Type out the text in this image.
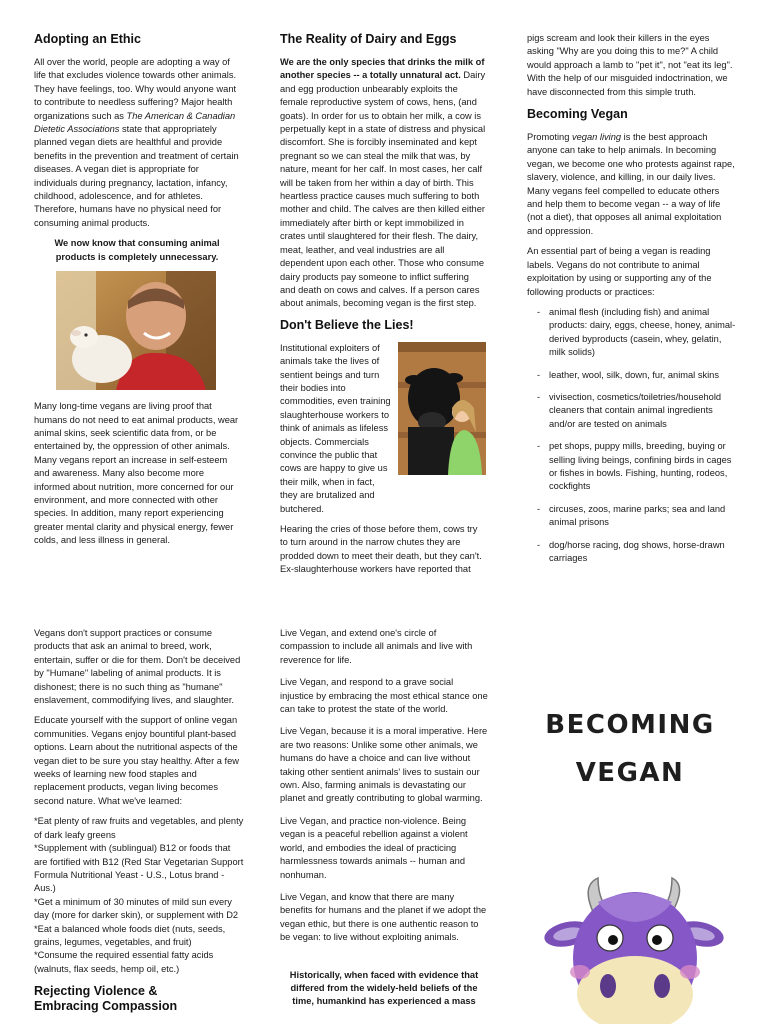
Adopting an Ethic

All over the world, people are adopting a way of life that excludes violence towards other animals. They have feelings, too. Why would anyone want to contribute to needless suffering? Major health organizations such as The American & Canadian Dietetic Associations state that appropriately planned vegan diets are healthful and provide benefits in the prevention and treatment of certain diseases. A vegan diet is appropriate for individuals during pregnancy, lactation, infancy, childhood, adolescence, and for athletes. Therefore, humans have no physical need for consuming animal products.

We now know that consuming animal products is completely unnecessary.

Many long-time vegans are living proof that humans do not need to eat animal products, wear animal skins, seek scientific data from, or be entertained by, the oppression of other animals. Many vegans report an increase in self-esteem and awareness. Many also become more informed about nutrition, more concerned for our environment, and more connected with other species. In addition, many report experiencing greater mental clarity and physical energy, fewer colds, and less illness in general.

The Reality of Dairy and Eggs

We are the only species that drinks the milk of another species -- a totally unnatural act. Dairy and egg production unbearably exploits the female reproductive system of cows, hens, (and goats). In order for us to obtain her milk, a cow is perpetually kept in a state of distress and physical discomfort. She is forcibly inseminated and kept pregnant so we can steal the milk that was, by nature, meant for her calf. In most cases, her calf will be taken from her within a day of birth. This heartless practice causes much suffering to both mother and child. The calves are then killed either immediately after birth or kept immobilized in crates until slaughtered for their flesh. The dairy, meat, leather, and veal industries are all dependent upon each other. Those who consume dairy products pay someone to inflict suffering and death on cows and calves. If a person cares about animals, becoming vegan is the first step.

Don't Believe the Lies!

Institutional exploiters of animals take the lives of sentient beings and turn their bodies into commodities, even training slaughterhouse workers to think of animals as lifeless objects. Commercials convince the public that cows are happy to give us their milk, when in fact, they are brutalized and butchered.

Hearing the cries of those before them, cows try to turn around in the narrow chutes they are prodded down to meet their death, but they can't. Ex-slaughterhouse workers have reported that

pigs scream and look their killers in the eyes asking "Why are you doing this to me?" A child would approach a lamb to "pet it", not "eat its leg". With the help of our misguided indoctrination, we have disconnected from this simple truth.

Becoming Vegan

Promoting vegan living is the best approach anyone can take to help animals. In becoming vegan, we become one who protests against rape, slavery, violence, and killing, in our daily lives. Many vegans feel compelled to educate others and help them to become vegan -- a way of life (not a diet), that opposes all animal exploitation and oppression.

An essential part of being a vegan is reading labels. Vegans do not contribute to animal exploitation by using or supporting any of the following products or practices:

- animal flesh (including fish) and animal products: dairy, eggs, cheese, honey, animal-derived byproducts (casein, whey, gelatin, milk solids)
- leather, wool, silk, down, fur, animal skins
- vivisection, cosmetics/toiletries/household cleaners that contain animal ingredients and/or are tested on animals
- pet shops, puppy mills, breeding, buying or selling living beings, confining birds in cages or fishes in bowls. Fishing, hunting, rodeos, cockfights
- circuses, zoos, marine parks; sea and land animal prisons
- dog/horse racing, dog shows, horse-drawn carriages

Vegans don't support practices or consume products that ask an animal to breed, work, entertain, suffer or die for them. Don't be deceived by "Humane" labeling of animal products. It is dishonest; there is no such thing as "humane" enslavement, commodifying lives, and slaughter.

Educate yourself with the support of online vegan communities. Vegans enjoy bountiful plant-based options. Learn about the nutritional aspects of the vegan diet to be sure you stay healthy. After a few weeks of learning new food staples and replacement products, vegan living becomes second nature. What we've learned:

*Eat plenty of raw fruits and vegetables, and plenty of dark leafy greens

*Supplement with (sublingual) B12 or foods that are fortified with B12 (Red Star Vegetarian Support Formula Nutritional Yeast - U.S., Lotus brand - Aus.)

*Get a minimum of 30 minutes of mild sun every day (more for darker skin), or supplement with D2

*Eat a balanced whole foods diet (nuts, seeds, grains, legumes, vegetables, and fruit)

*Consume the required essential fatty acids (walnuts, flax seeds, hemp oil, etc.)

Rejecting Violence &
Embracing Compassion

Live Vegan, and extend one's circle of compassion to include all animals and live with reverence for life.

Live Vegan, and respond to a grave social injustice by embracing the most ethical stance one can take to protest the state of the world.

Live Vegan, because it is a moral imperative. Here are two reasons: Unlike some other animals, we humans do have a choice and can live without taking other sentient animals' lives to sustain our own. Also, farming animals is devastating our planet and greatly contributing to global warming.

Live Vegan, and practice non-violence. Being vegan is a peaceful rebellion against a violent world, and embodies the ideal of practicing harmlessness towards animals -- human and nonhuman.

Live Vegan, and know that there are many benefits for humans and the planet if we adopt the vegan ethic, but there is one authentic reason to be vegan: to live without exploiting animals.

Historically, when faced with evidence that differed from the widely-held beliefs of the time, humankind has experienced a mass

BECOMING
VEGAN
